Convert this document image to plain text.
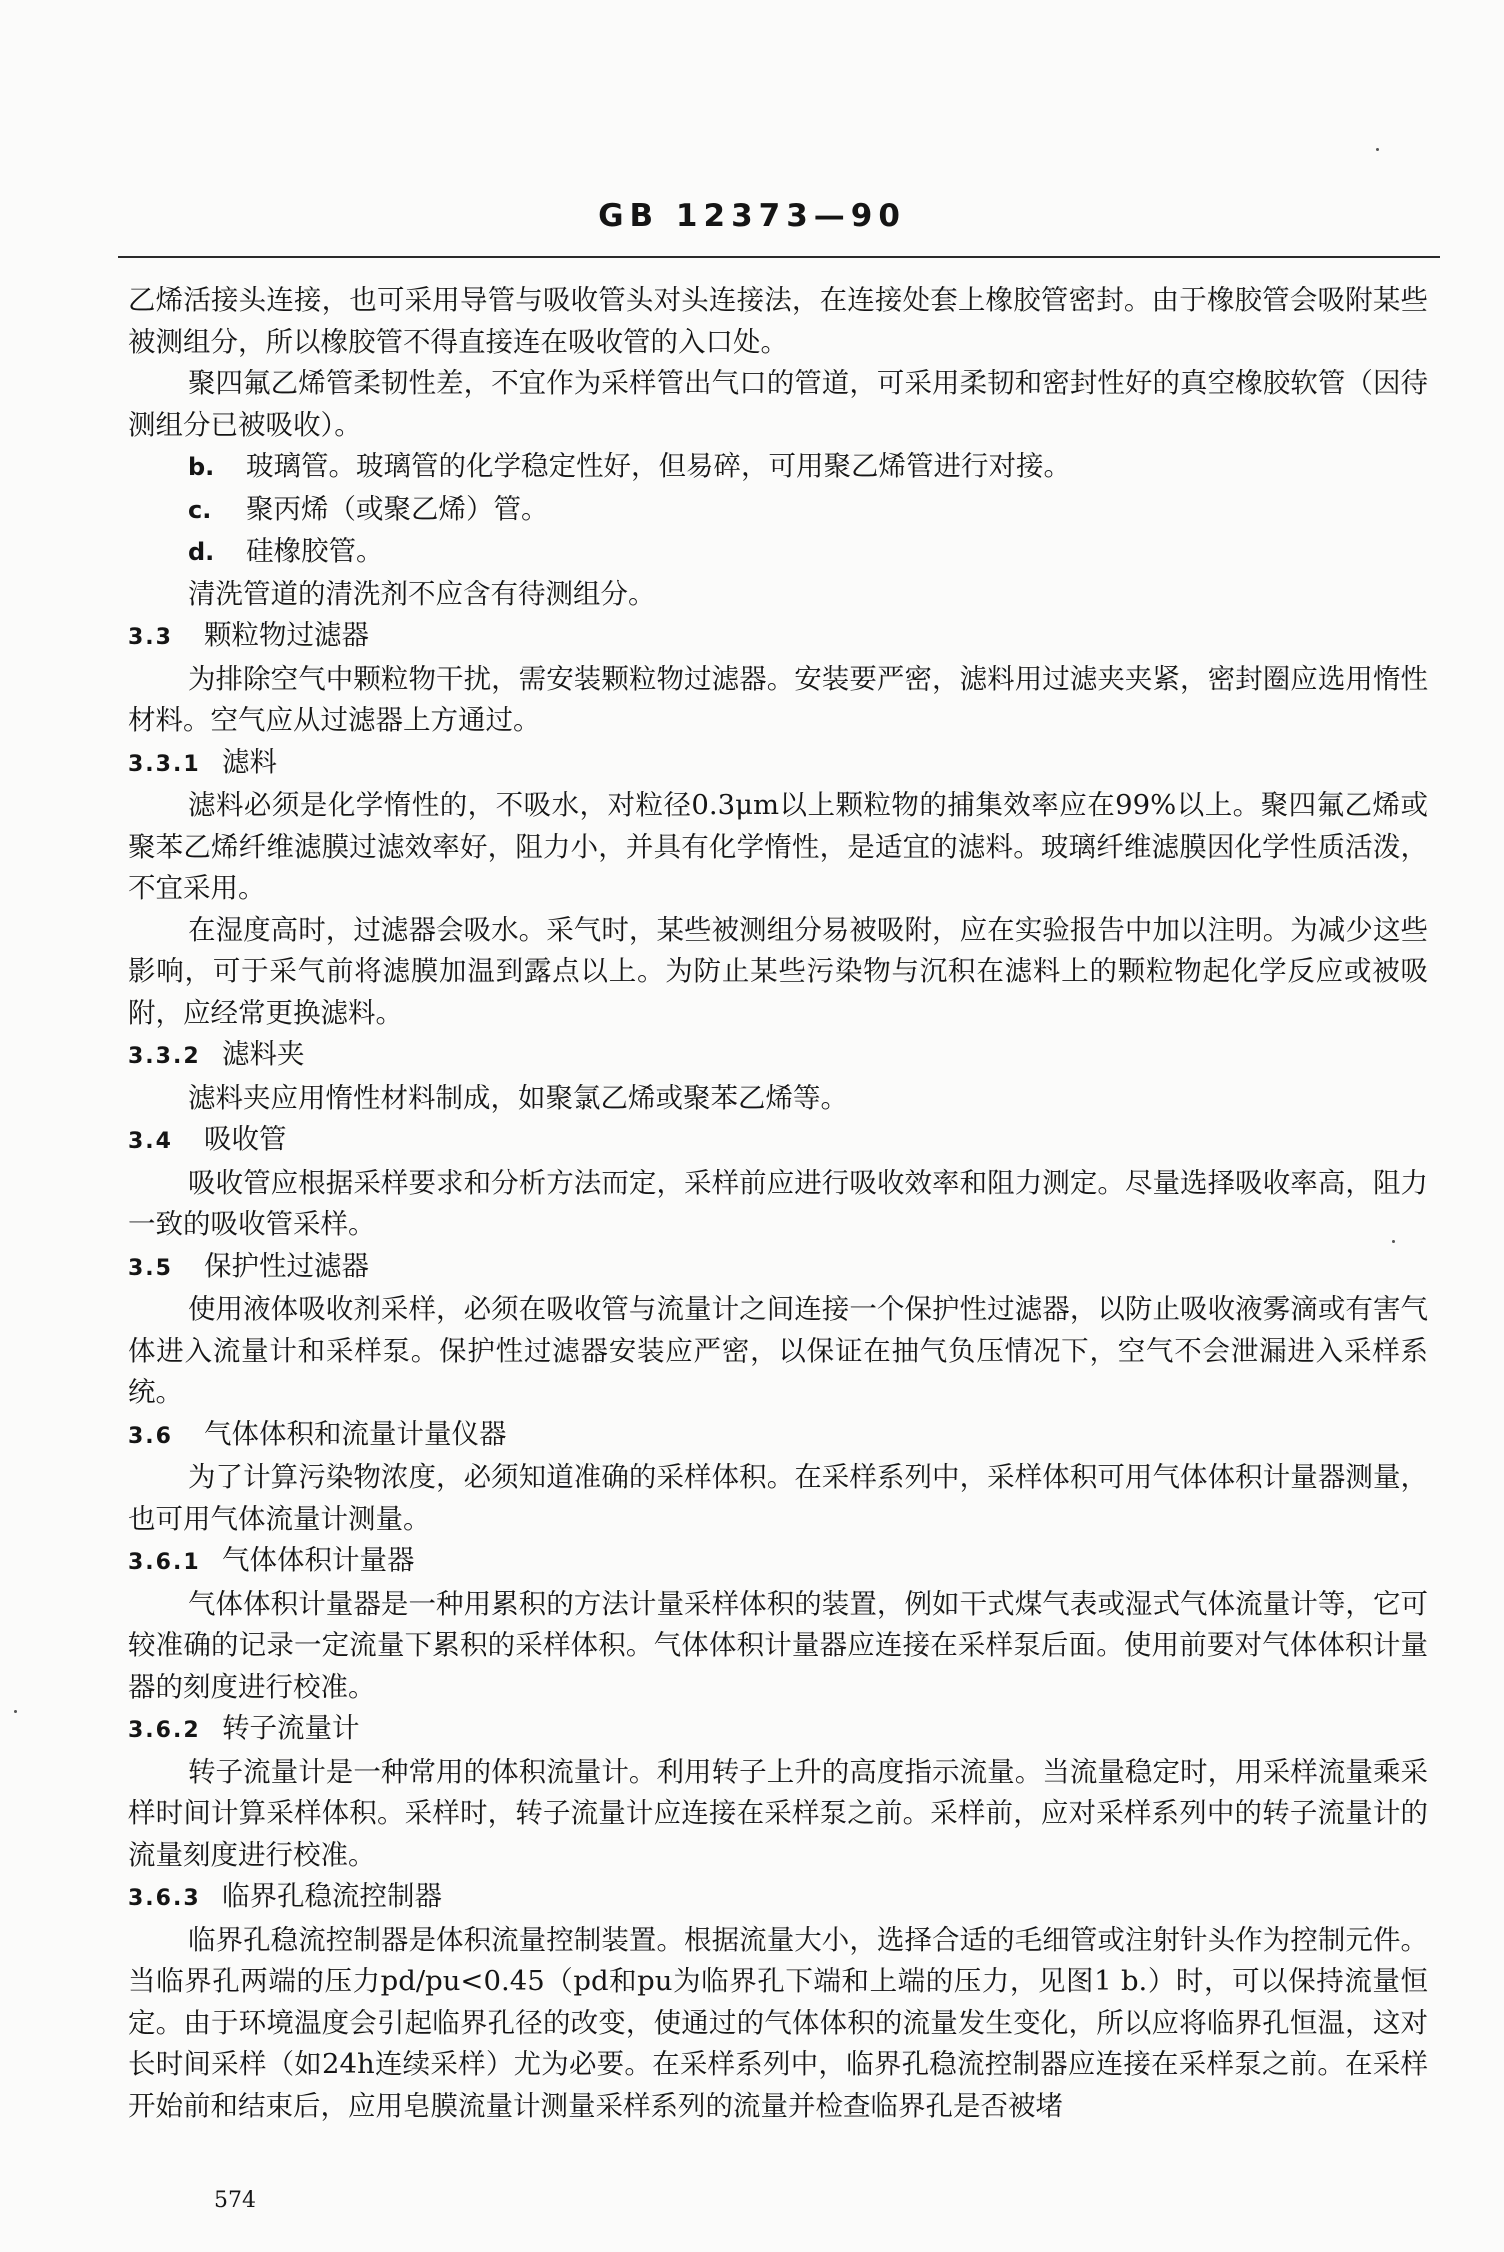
GB 12373—90

乙烯活接头连接，也可采用导管与吸收管头对头连接法，在连接处套上橡胶管密封。由于橡胶管会吸附某些被测组分，所以橡胶管不得直接连在吸收管的入口处。

聚四氟乙烯管柔韧性差，不宜作为采样管出气口的管道，可采用柔韧和密封性好的真空橡胶软管（因待测组分已被吸收）。

b. 玻璃管。玻璃管的化学稳定性好，但易碎，可用聚乙烯管进行对接。

c. 聚丙烯（或聚乙烯）管。

d. 硅橡胶管。

清洗管道的清洗剂不应含有待测组分。

3.3 颗粒物过滤器

为排除空气中颗粒物干扰，需安装颗粒物过滤器。安装要严密，滤料用过滤夹夹紧，密封圈应选用惰性材料。空气应从过滤器上方通过。

3.3.1 滤料

滤料必须是化学惰性的，不吸水，对粒径0.3μm以上颗粒物的捕集效率应在99%以上。聚四氟乙烯或聚苯乙烯纤维滤膜过滤效率好，阻力小，并具有化学惰性，是适宜的滤料。玻璃纤维滤膜因化学性质活泼，不宜采用。

在湿度高时，过滤器会吸水。采气时，某些被测组分易被吸附，应在实验报告中加以注明。为减少这些影响，可于采气前将滤膜加温到露点以上。为防止某些污染物与沉积在滤料上的颗粒物起化学反应或被吸附，应经常更换滤料。

3.3.2 滤料夹

滤料夹应用惰性材料制成，如聚氯乙烯或聚苯乙烯等。

3.4 吸收管

吸收管应根据采样要求和分析方法而定，采样前应进行吸收效率和阻力测定。尽量选择吸收率高，阻力一致的吸收管采样。

3.5 保护性过滤器

使用液体吸收剂采样，必须在吸收管与流量计之间连接一个保护性过滤器，以防止吸收液雾滴或有害气体进入流量计和采样泵。保护性过滤器安装应严密，以保证在抽气负压情况下，空气不会泄漏进入采样系统。

3.6 气体体积和流量计量仪器

为了计算污染物浓度，必须知道准确的采样体积。在采样系列中，采样体积可用气体体积计量器测量，也可用气体流量计测量。

3.6.1 气体体积计量器

气体体积计量器是一种用累积的方法计量采样体积的装置，例如干式煤气表或湿式气体流量计等，它可较准确的记录一定流量下累积的采样体积。气体体积计量器应连接在采样泵后面。使用前要对气体体积计量器的刻度进行校准。

3.6.2 转子流量计

转子流量计是一种常用的体积流量计。利用转子上升的高度指示流量。当流量稳定时，用采样流量乘采样时间计算采样体积。采样时，转子流量计应连接在采样泵之前。采样前，应对采样系列中的转子流量计的流量刻度进行校准。

3.6.3 临界孔稳流控制器

临界孔稳流控制器是体积流量控制装置。根据流量大小，选择合适的毛细管或注射针头作为控制元件。当临界孔两端的压力pd/pu<0.45（pd和pu为临界孔下端和上端的压力，见图1 b.）时，可以保持流量恒定。由于环境温度会引起临界孔径的改变，使通过的气体体积的流量发生变化，所以应将临界孔恒温，这对长时间采样（如24h连续采样）尤为必要。在采样系列中，临界孔稳流控制器应连接在采样泵之前。在采样开始前和结束后，应用皂膜流量计测量采样系列的流量并检查临界孔是否被堵

574
